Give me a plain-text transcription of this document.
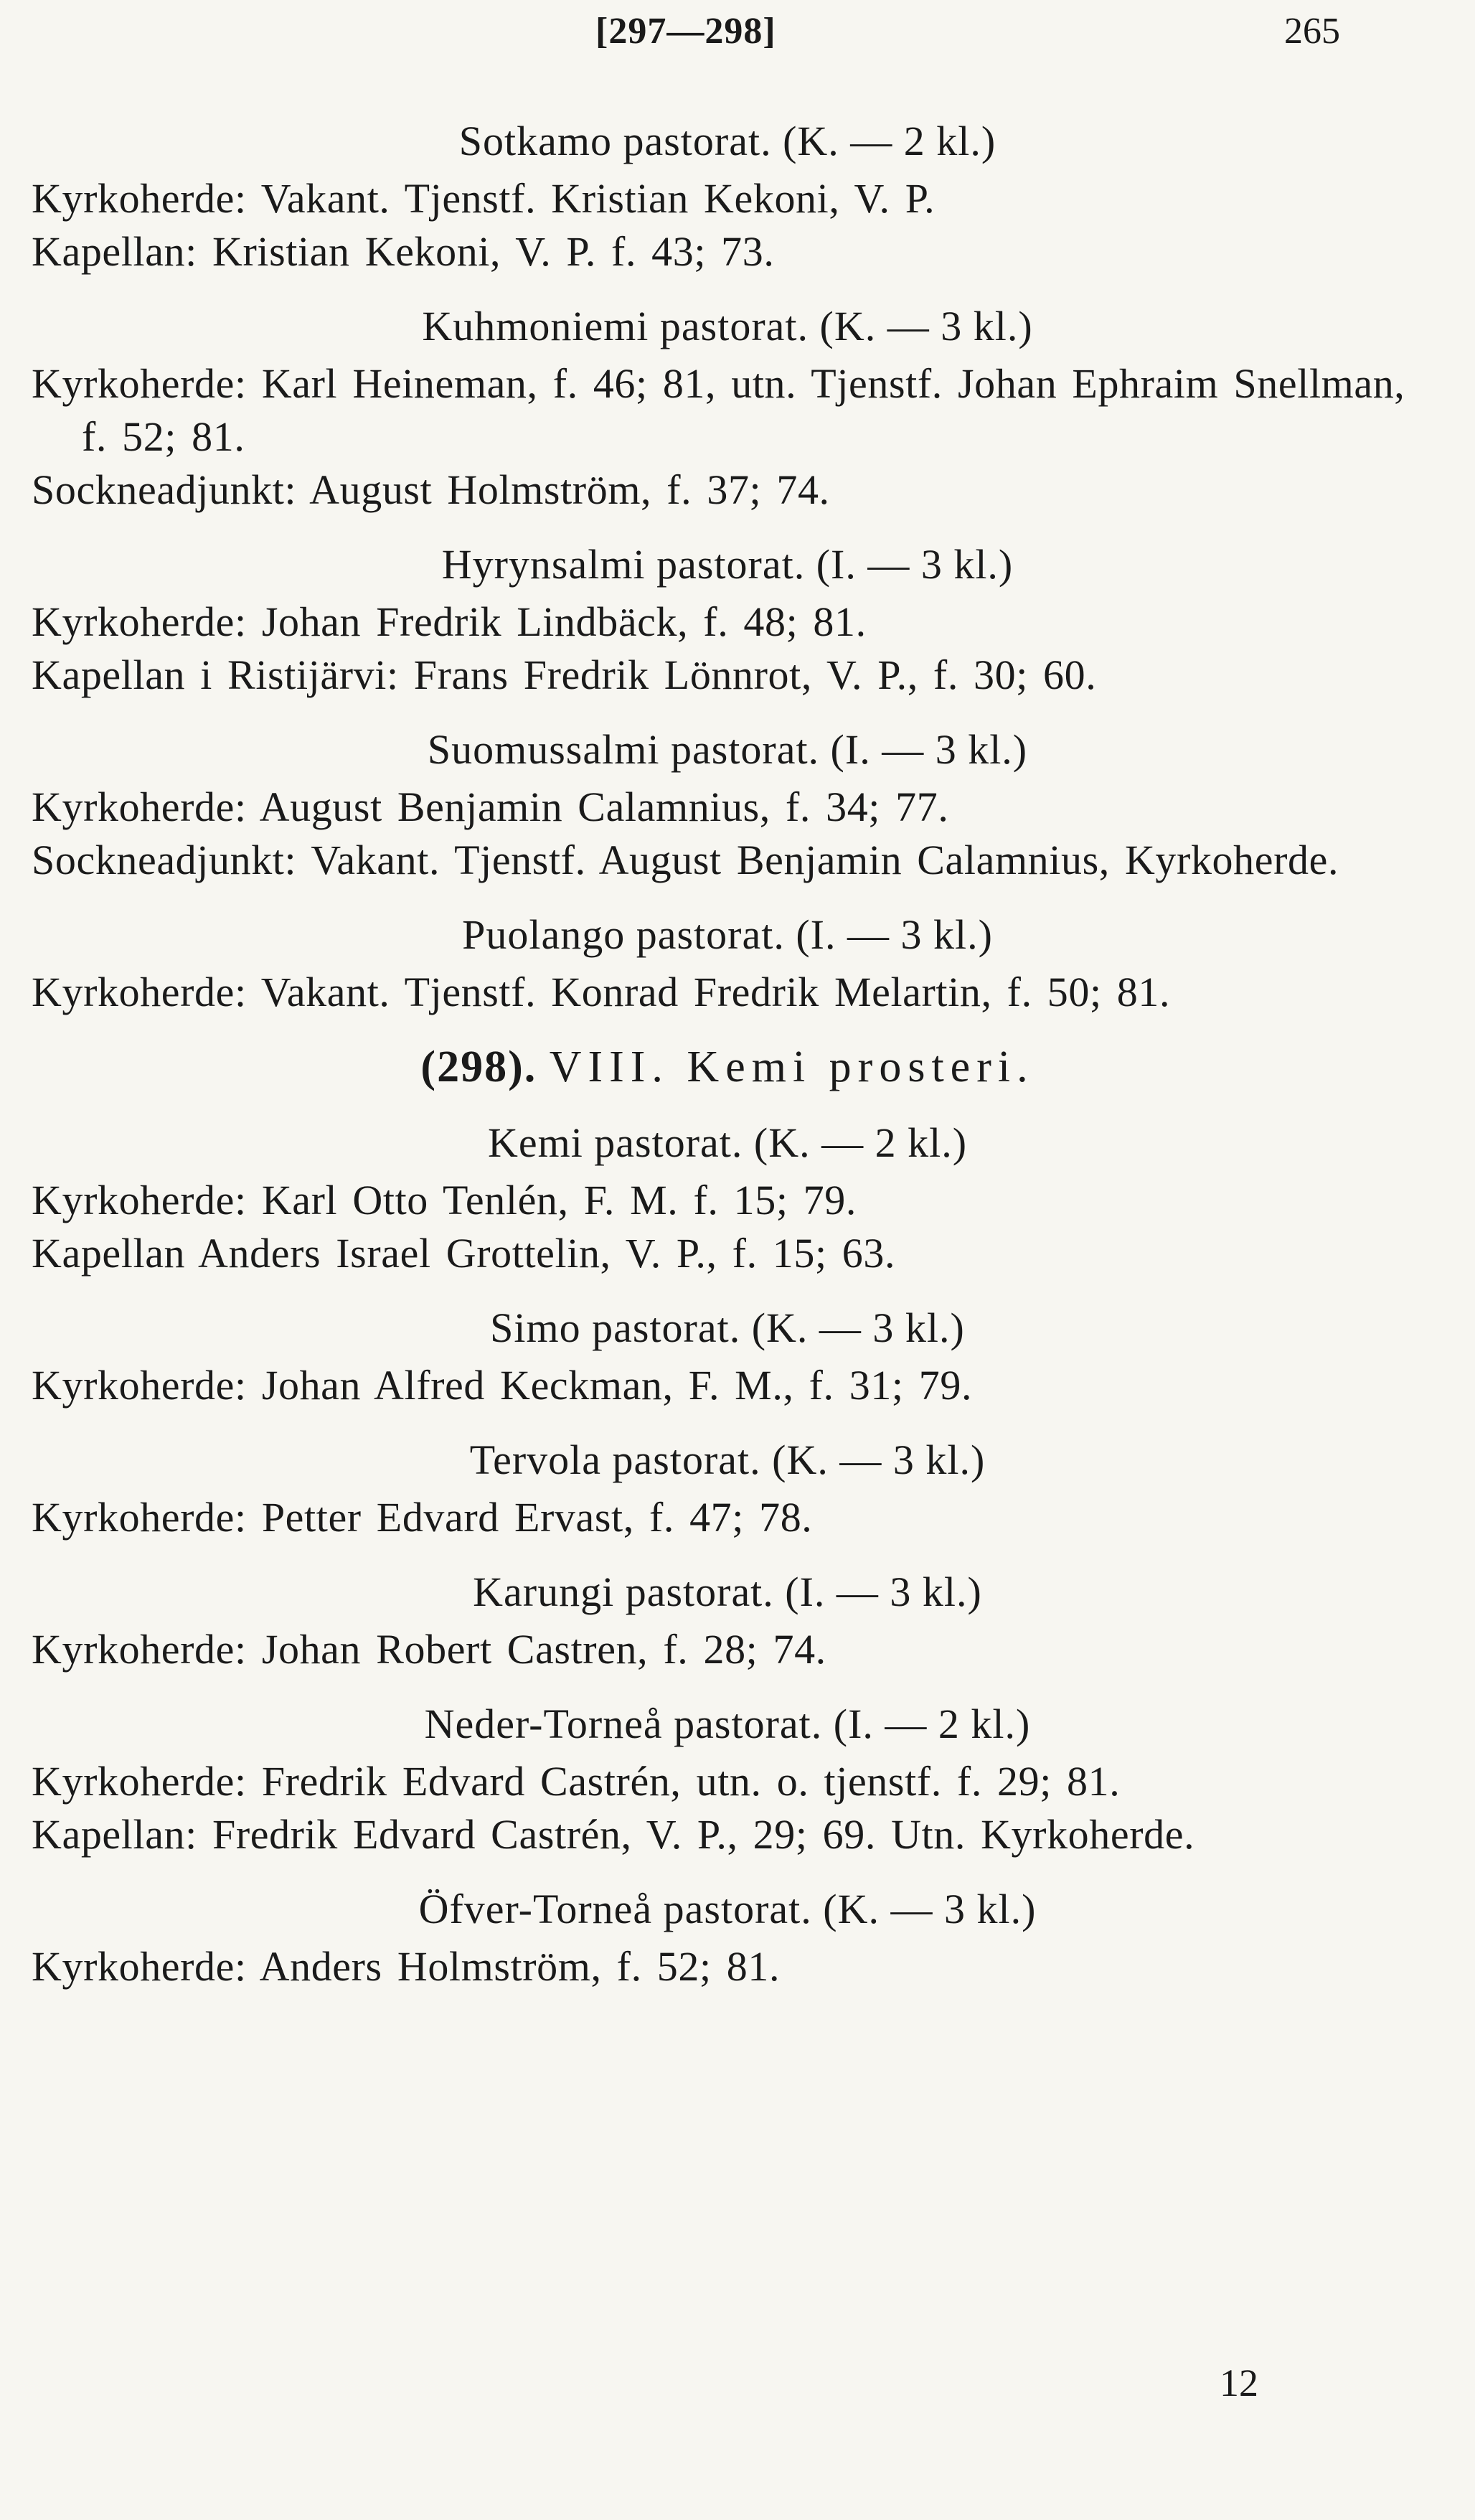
[297—298]	265
Sotkamo pastorat. (K. — 2 kl.)
Kyrkoherde: Vakant. Tjenstf. Kristian Kekoni, V. P.
Kapellan: Kristian Kekoni, V. P. f. 43; 73.
Kuhmoniemi pastorat. (K. — 3 kl.)
Kyrkoherde: Karl Heineman, f. 46; 81, utn. Tjenstf. Johan Ephraim Snellman, f. 52; 81.
Sockneadjunkt: August Holmström, f. 37; 74.
Hyrynsalmi pastorat. (I. — 3 kl.)
Kyrkoherde: Johan Fredrik Lindbäck, f. 48; 81.
Kapellan i Ristijärvi: Frans Fredrik Lönnrot, V. P., f. 30; 60.
Suomussalmi pastorat. (I. — 3 kl.)
Kyrkoherde: August Benjamin Calamnius, f. 34; 77.
Sockneadjunkt: Vakant. Tjenstf. August Benjamin Calamnius, Kyrkoherde.
Puolango pastorat. (I. — 3 kl.)
Kyrkoherde: Vakant. Tjenstf. Konrad Fredrik Melartin, f. 50; 81.
(298). VIII. Kemi prosteri.
Kemi pastorat. (K. — 2 kl.)
Kyrkoherde: Karl Otto Tenlén, F. M. f. 15; 79.
Kapellan Anders Israel Grottelin, V. P., f. 15; 63.
Simo pastorat. (K. — 3 kl.)
Kyrkoherde: Johan Alfred Keckman, F. M., f. 31; 79.
Tervola pastorat. (K. — 3 kl.)
Kyrkoherde: Petter Edvard Ervast, f. 47; 78.
Karungi pastorat. (I. — 3 kl.)
Kyrkoherde: Johan Robert Castren, f. 28; 74.
Neder-Torneå pastorat. (I. — 2 kl.)
Kyrkoherde: Fredrik Edvard Castrén, utn. o. tjenstf. f. 29; 81.
Kapellan: Fredrik Edvard Castrén, V. P., 29; 69. Utn. Kyrkoherde.
Öfver-Torneå pastorat. (K. — 3 kl.)
Kyrkoherde: Anders Holmström, f. 52; 81.
12
